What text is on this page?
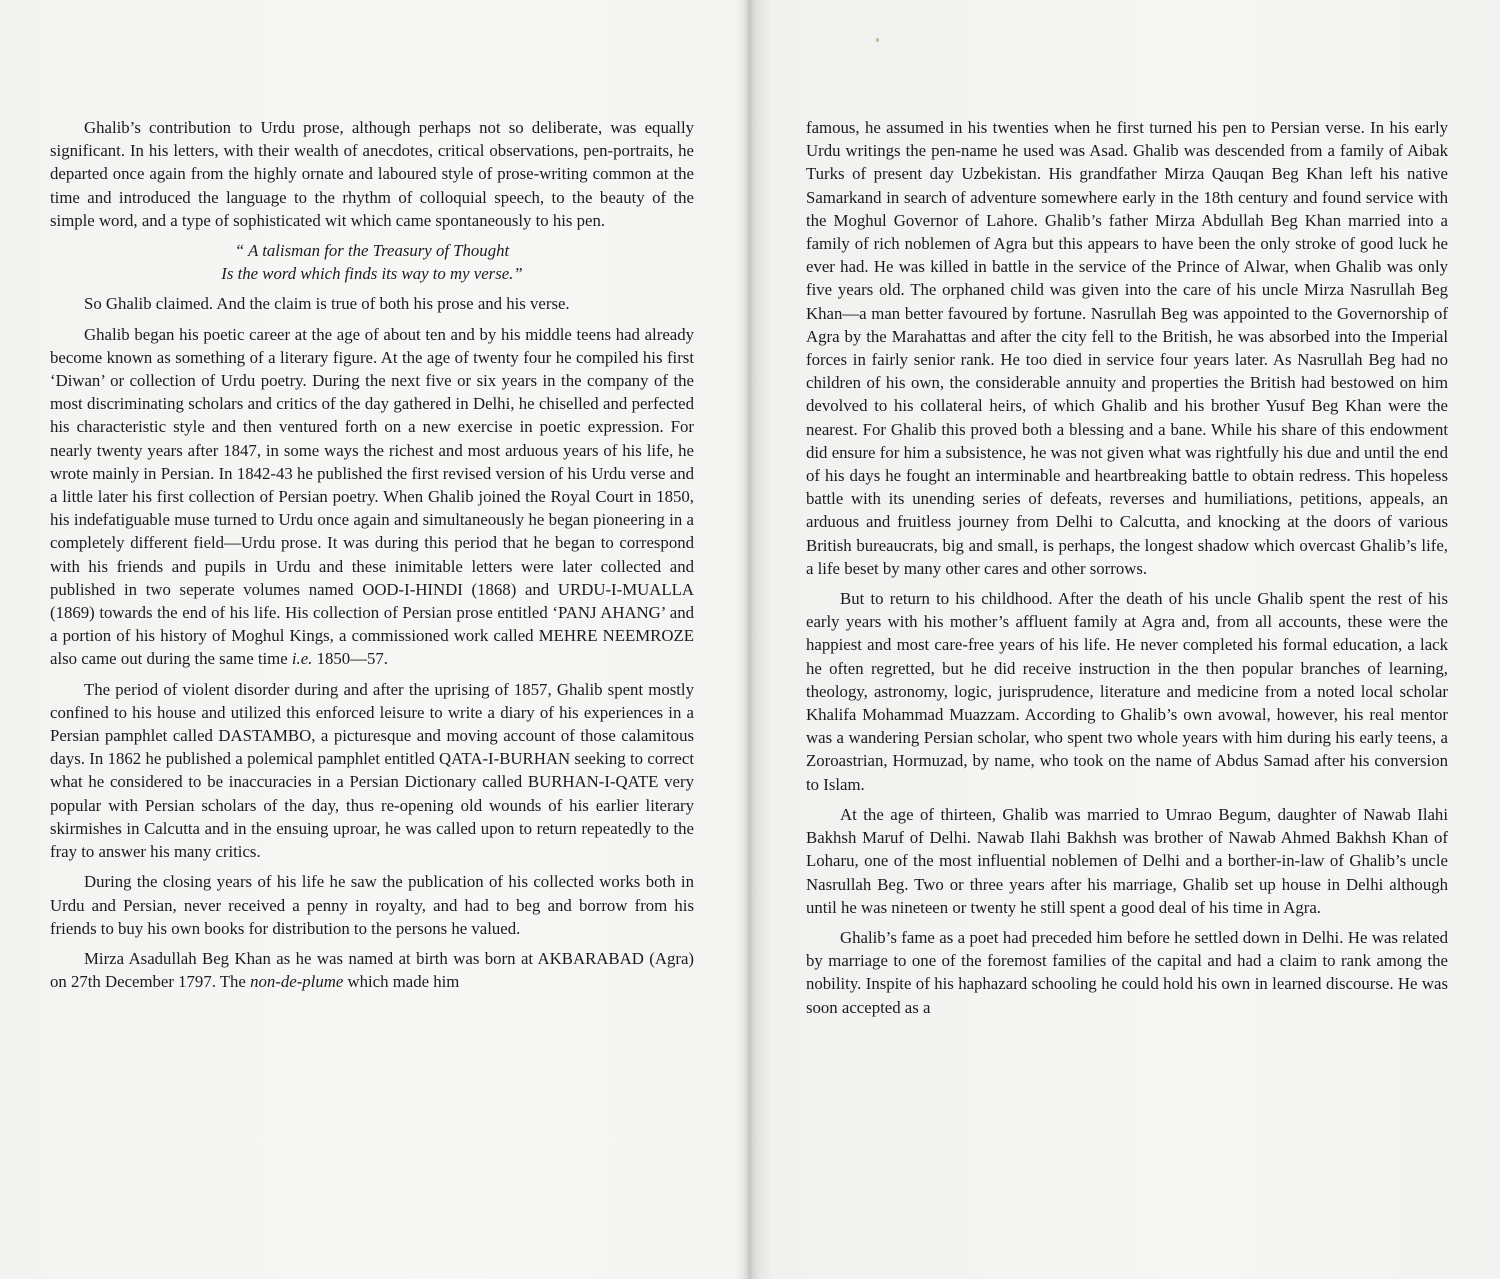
Ghalib’s contribution to Urdu prose, although perhaps not so deliberate, was equally significant. In his letters, with their wealth of anecdotes, critical observations, pen-portraits, he departed once again from the highly ornate and laboured style of prose-writing common at the time and introduced the language to the rhythm of colloquial speech, to the beauty of the simple word, and a type of sophisticated wit which came spontaneously to his pen.

“ A talisman for the Treasury of Thought
Is the word which finds its way to my verse.”

So Ghalib claimed. And the claim is true of both his prose and his verse.

Ghalib began his poetic career at the age of about ten and by his middle teens had already become known as something of a literary figure. At the age of twenty four he compiled his first ‘Diwan’ or collection of Urdu poetry. During the next five or six years in the company of the most discriminating scholars and critics of the day gathered in Delhi, he chiselled and perfected his characteristic style and then ventured forth on a new exercise in poetic expression. For nearly twenty years after 1847, in some ways the richest and most arduous years of his life, he wrote mainly in Persian. In 1842-43 he published the first revised version of his Urdu verse and a little later his first collection of Persian poetry. When Ghalib joined the Royal Court in 1850, his indefatiguable muse turned to Urdu once again and simultaneously he began pioneering in a completely different field—Urdu prose. It was during this period that he began to correspond with his friends and pupils in Urdu and these inimitable letters were later collected and published in two seperate volumes named OOD-I-HINDI (1868) and URDU-I-MUALLA (1869) towards the end of his life. His collection of Persian prose entitled ‘PANJ AHANG’ and a portion of his history of Moghul Kings, a commissioned work called MEHRE NEEMROZE also came out during the same time i.e. 1850—57.

The period of violent disorder during and after the uprising of 1857, Ghalib spent mostly confined to his house and utilized this enforced leisure to write a diary of his experiences in a Persian pamphlet called DASTAMBO, a picturesque and moving account of those calamitous days. In 1862 he published a polemical pamphlet entitled QATA-I-BURHAN seeking to correct what he considered to be inaccuracies in a Persian Dictionary called BURHAN-I-QATE very popular with Persian scholars of the day, thus re-opening old wounds of his earlier literary skirmishes in Calcutta and in the ensuing uproar, he was called upon to return repeatedly to the fray to answer his many critics.

During the closing years of his life he saw the publication of his collected works both in Urdu and Persian, never received a penny in royalty, and had to beg and borrow from his friends to buy his own books for distribution to the persons he valued.

Mirza Asadullah Beg Khan as he was named at birth was born at AKBARABAD (Agra) on 27th December 1797. The non-de-plume which made him

famous, he assumed in his twenties when he first turned his pen to Persian verse. In his early Urdu writings the pen-name he used was Asad. Ghalib was descended from a family of Aibak Turks of present day Uzbekistan. His grandfather Mirza Qauqan Beg Khan left his native Samarkand in search of adventure somewhere early in the 18th century and found service with the Moghul Governor of Lahore. Ghalib’s father Mirza Abdullah Beg Khan married into a family of rich noblemen of Agra but this appears to have been the only stroke of good luck he ever had. He was killed in battle in the service of the Prince of Alwar, when Ghalib was only five years old. The orphaned child was given into the care of his uncle Mirza Nasrullah Beg Khan—a man better favoured by fortune. Nasrullah Beg was appointed to the Governorship of Agra by the Marahattas and after the city fell to the British, he was absorbed into the Imperial forces in fairly senior rank. He too died in service four years later. As Nasrullah Beg had no children of his own, the considerable annuity and properties the British had bestowed on him devolved to his collateral heirs, of which Ghalib and his brother Yusuf Beg Khan were the nearest. For Ghalib this proved both a blessing and a bane. While his share of this endowment did ensure for him a subsistence, he was not given what was rightfully his due and until the end of his days he fought an interminable and heartbreaking battle to obtain redress. This hopeless battle with its unending series of defeats, reverses and humiliations, petitions, appeals, an arduous and fruitless journey from Delhi to Calcutta, and knocking at the doors of various British bureaucrats, big and small, is perhaps, the longest shadow which overcast Ghalib’s life, a life beset by many other cares and other sorrows.

But to return to his childhood. After the death of his uncle Ghalib spent the rest of his early years with his mother’s affluent family at Agra and, from all accounts, these were the happiest and most care-free years of his life. He never completed his formal education, a lack he often regretted, but he did receive instruction in the then popular branches of learning, theology, astronomy, logic, jurisprudence, literature and medicine from a noted local scholar Khalifa Mohammad Muazzam. According to Ghalib’s own avowal, however, his real mentor was a wandering Persian scholar, who spent two whole years with him during his early teens, a Zoroastrian, Hormuzad, by name, who took on the name of Abdus Samad after his conversion to Islam.

At the age of thirteen, Ghalib was married to Umrao Begum, daughter of Nawab Ilahi Bakhsh Maruf of Delhi. Nawab Ilahi Bakhsh was brother of Nawab Ahmed Bakhsh Khan of Loharu, one of the most influential noblemen of Delhi and a borther-in-law of Ghalib’s uncle Nasrullah Beg. Two or three years after his marriage, Ghalib set up house in Delhi although until he was nineteen or twenty he still spent a good deal of his time in Agra.

Ghalib’s fame as a poet had preceded him before he settled down in Delhi. He was related by marriage to one of the foremost families of the capital and had a claim to rank among the nobility. Inspite of his haphazard schooling he could hold his own in learned discourse. He was soon accepted as a
